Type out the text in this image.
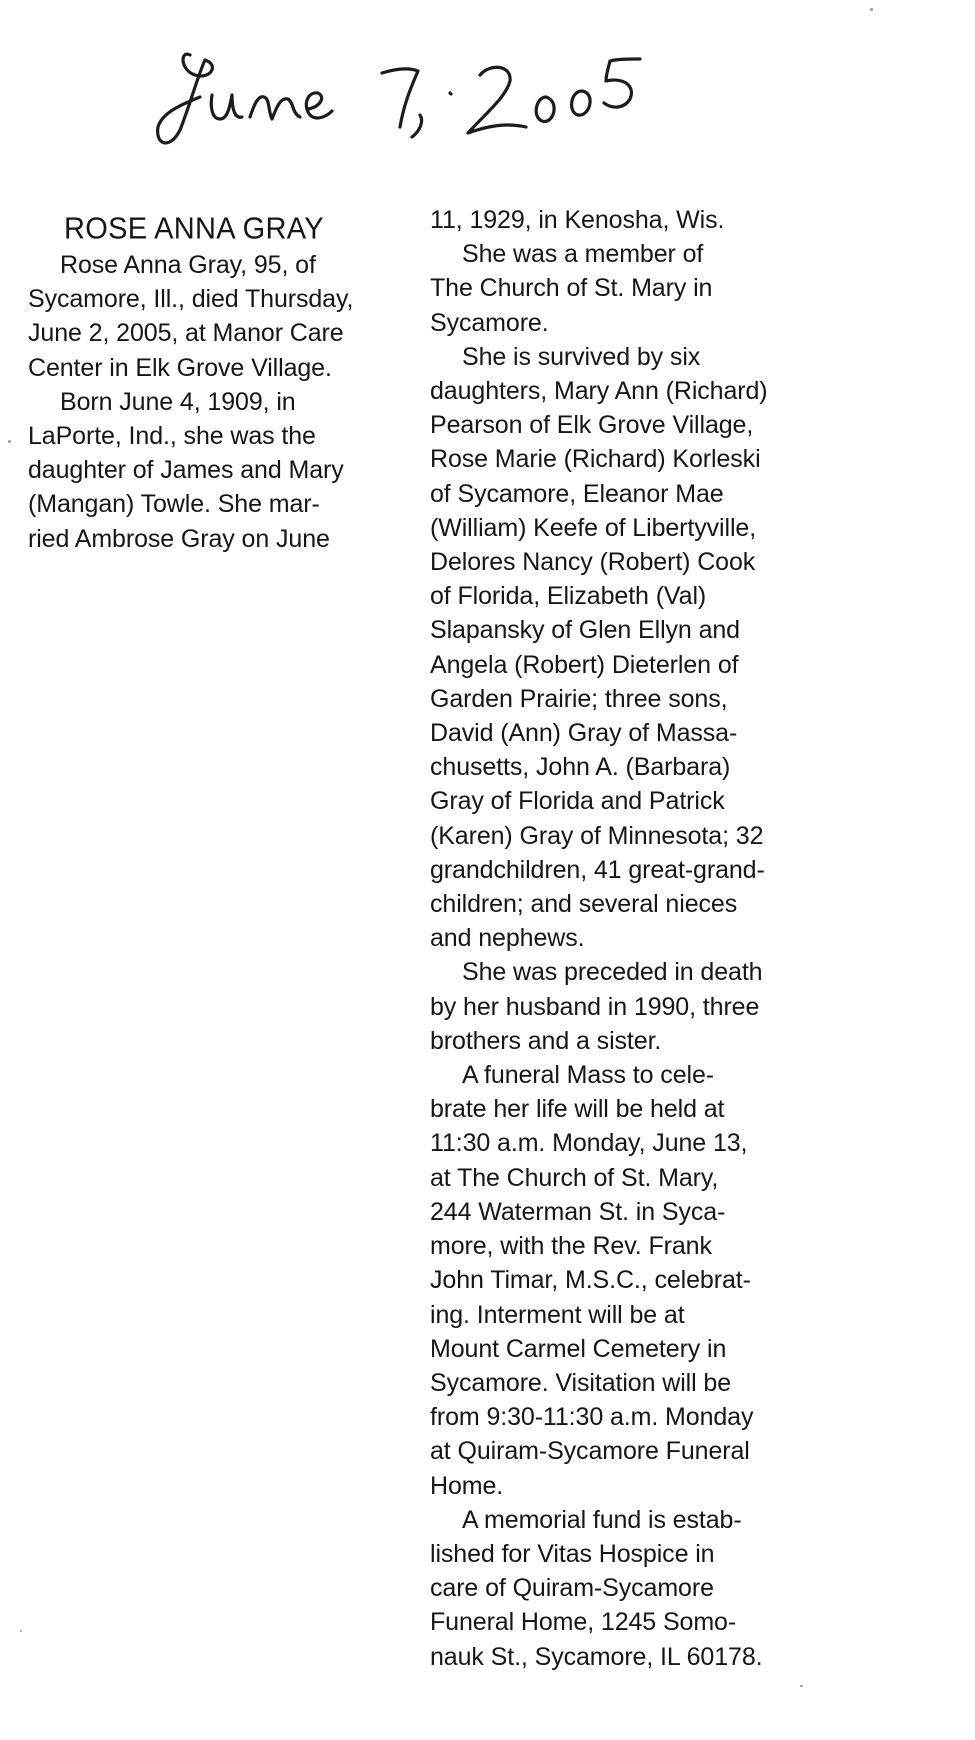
ROSE ANNA GRAY
Rose Anna Gray, 95, of
Sycamore, Ill., died Thursday,
June 2, 2005, at Manor Care
Center in Elk Grove Village.
Born June 4, 1909, in
LaPorte, Ind., she was the
daughter of James and Mary
(Mangan) Towle. She mar-
ried Ambrose Gray on June
11, 1929, in Kenosha, Wis.
She was a member of
The Church of St. Mary in
Sycamore.
She is survived by six
daughters, Mary Ann (Richard)
Pearson of Elk Grove Village,
Rose Marie (Richard) Korleski
of Sycamore, Eleanor Mae
(William) Keefe of Libertyville,
Delores Nancy (Robert) Cook
of Florida, Elizabeth (Val)
Slapansky of Glen Ellyn and
Angela (Robert) Dieterlen of
Garden Prairie; three sons,
David (Ann) Gray of Massa-
chusetts, John A. (Barbara)
Gray of Florida and Patrick
(Karen) Gray of Minnesota; 32
grandchildren, 41 great-grand-
children; and several nieces
and nephews.
She was preceded in death
by her husband in 1990, three
brothers and a sister.
A funeral Mass to cele-
brate her life will be held at
11:30 a.m. Monday, June 13,
at The Church of St. Mary,
244 Waterman St. in Syca-
more, with the Rev. Frank
John Timar, M.S.C., celebrat-
ing. Interment will be at
Mount Carmel Cemetery in
Sycamore. Visitation will be
from 9:30-11:30 a.m. Monday
at Quiram-Sycamore Funeral
Home.
A memorial fund is estab-
lished for Vitas Hospice in
care of Quiram-Sycamore
Funeral Home, 1245 Somo-
nauk St., Sycamore, IL 60178.
